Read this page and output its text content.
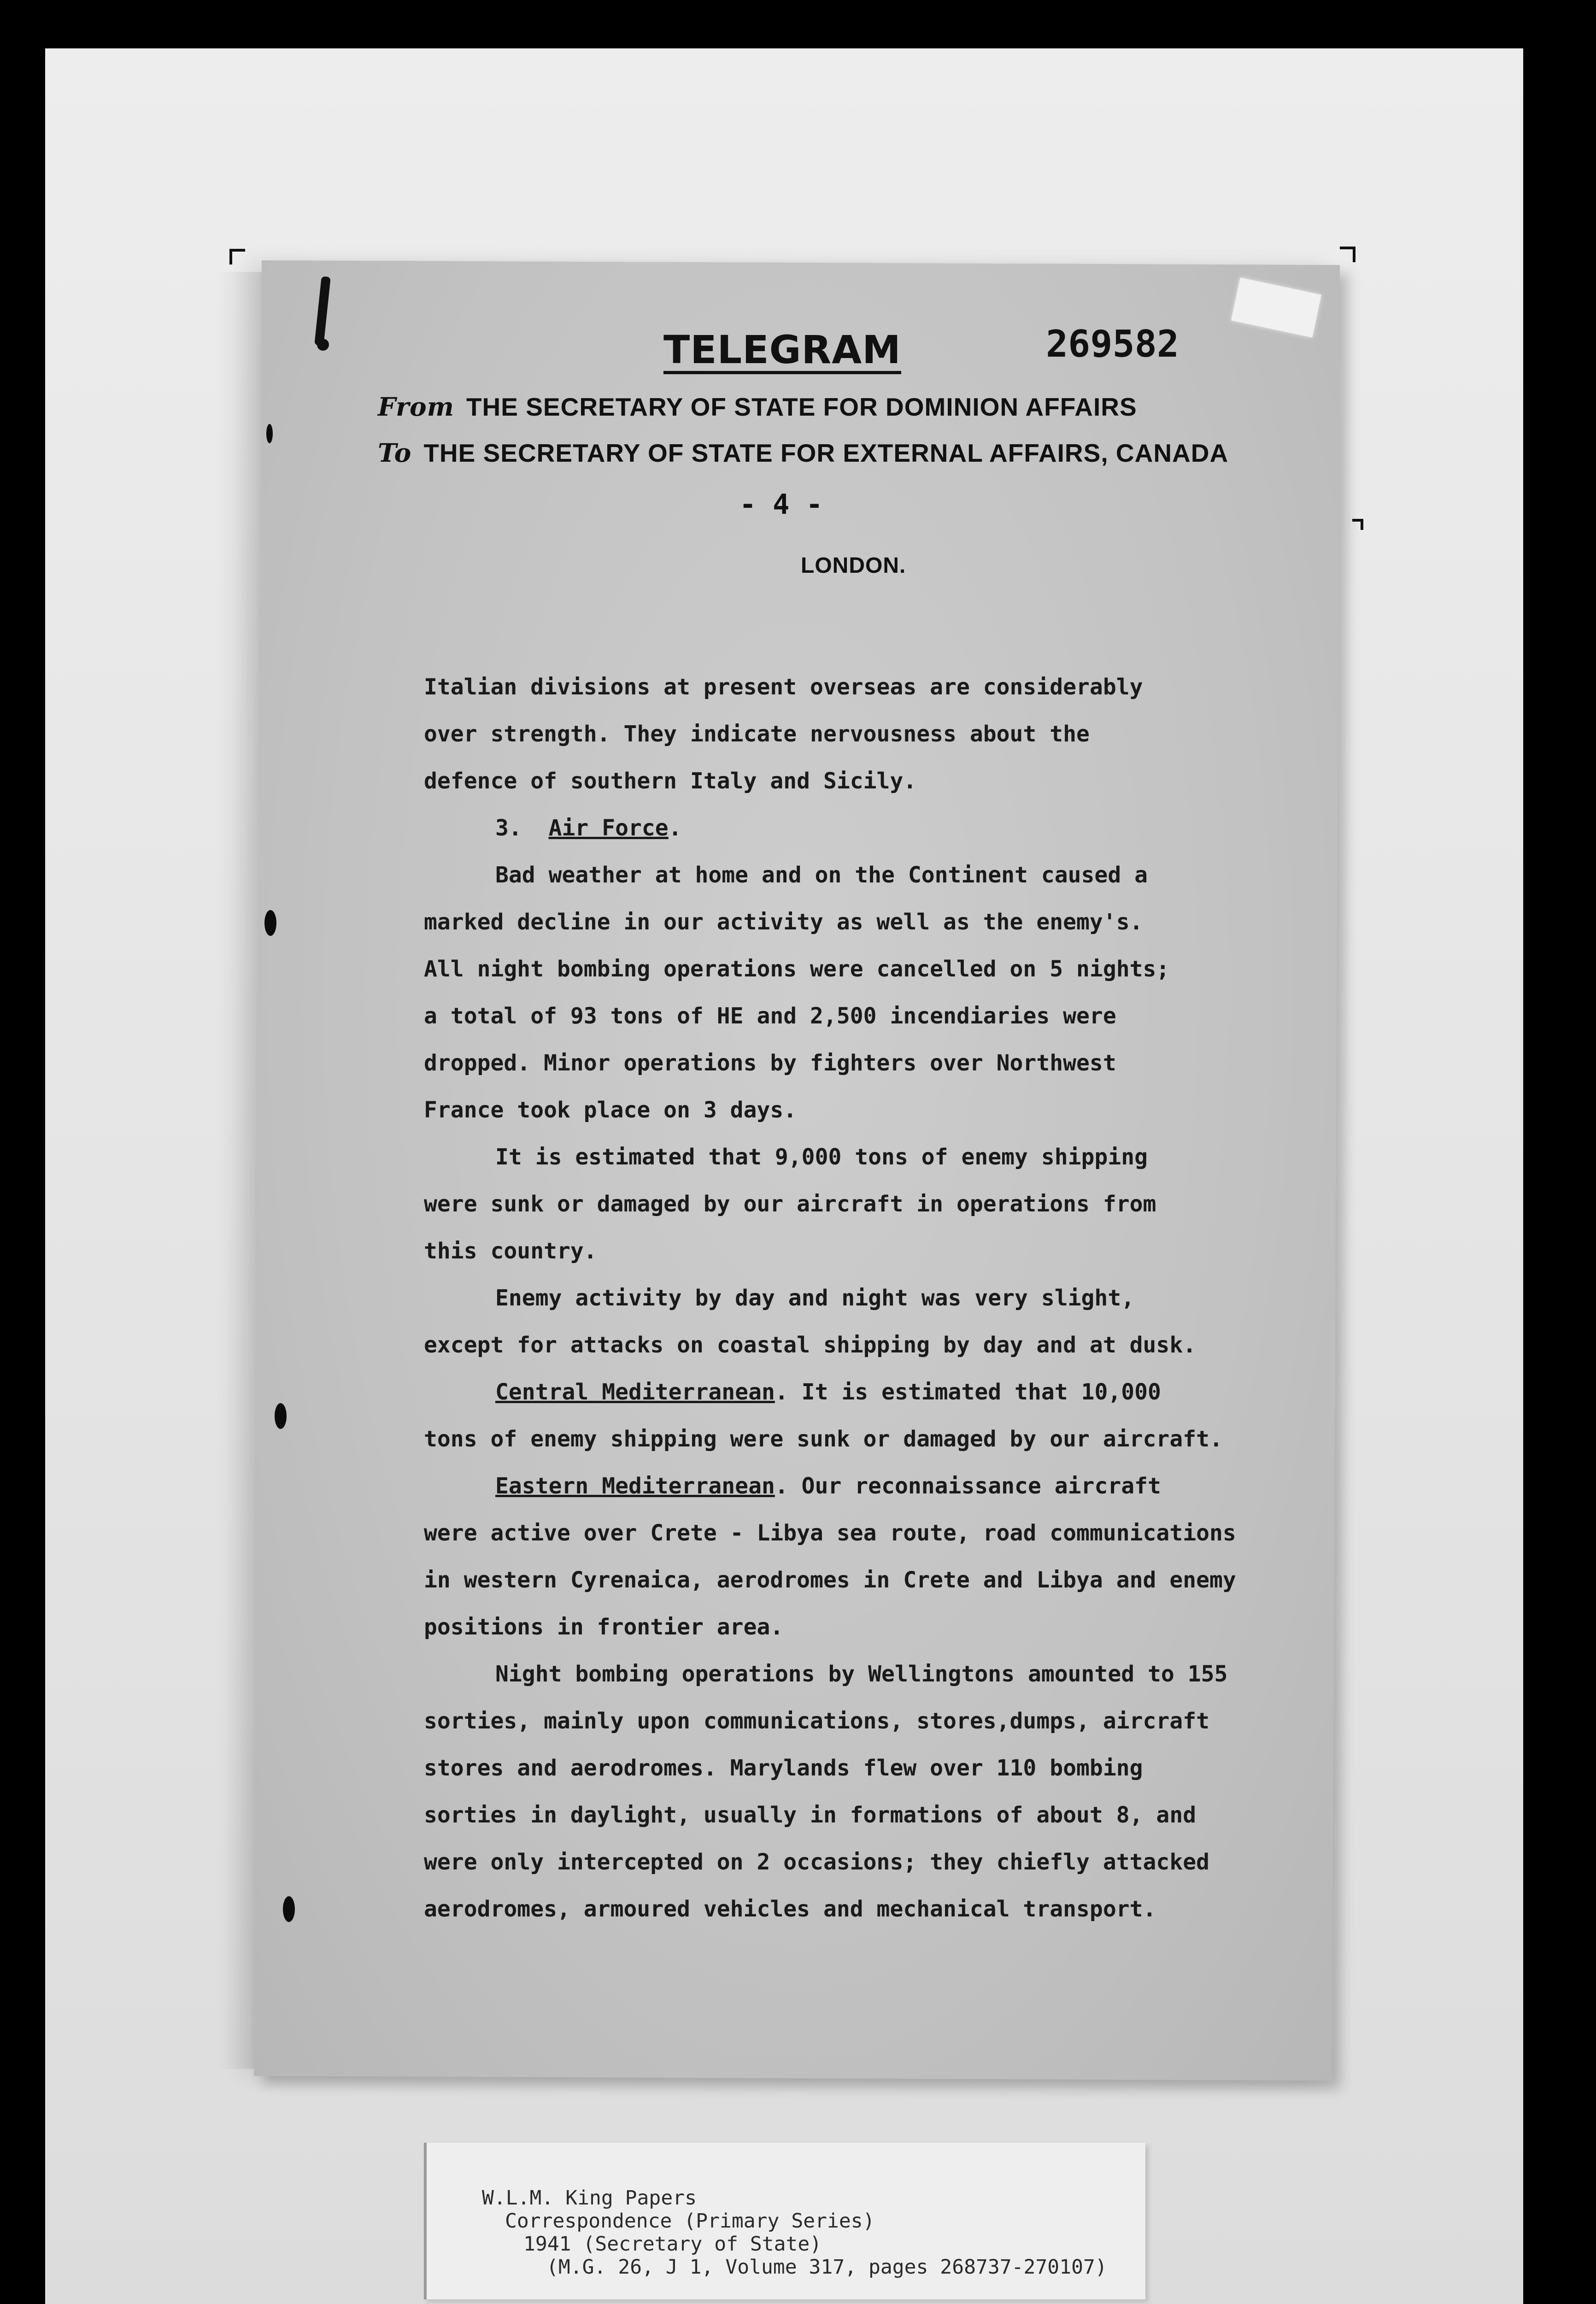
TELEGRAM	269582
From THE SECRETARY OF STATE FOR DOMINION AFFAIRS
To THE SECRETARY OF STATE FOR EXTERNAL AFFAIRS, CANADA
- 4 -
LONDON.

Italian divisions at present overseas are considerably

over strength. They indicate nervousness about the

defence of southern Italy and Sicily.

3. Air Force.

Bad weather at home and on the Continent caused a

marked decline in our activity as well as the enemy's.

All night bombing operations were cancelled on 5 nights;

a total of 93 tons of HE and 2,500 incendiaries were

dropped. Minor operations by fighters over Northwest

France took place on 3 days.

It is estimated that 9,000 tons of enemy shipping

were sunk or damaged by our aircraft in operations from

this country.

Enemy activity by day and night was very slight,

except for attacks on coastal shipping by day and at dusk.

Central Mediterranean. It is estimated that 10,000

tons of enemy shipping were sunk or damaged by our aircraft.

Eastern Mediterranean. Our reconnaissance aircraft

were active over Crete - Libya sea route, road communications

in western Cyrenaica, aerodromes in Crete and Libya and enemy

positions in frontier area.

Night bombing operations by Wellingtons amounted to 155

sorties, mainly upon communications, stores,dumps, aircraft

stores and aerodromes. Marylands flew over 110 bombing

sorties in daylight, usually in formations of about 8, and

were only intercepted on 2 occasions; they chiefly attacked

aerodromes, armoured vehicles and mechanical transport.

W.L.M. King Papers
Correspondence (Primary Series)
1941 (Secretary of State)
(M.G. 26, J 1, Volume 317, pages 268737-270107)
